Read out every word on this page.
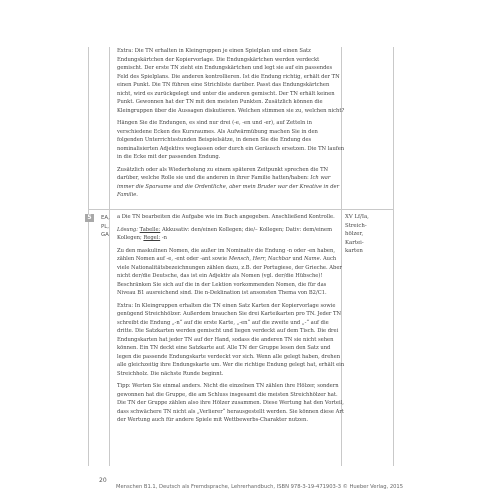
Extra: Die TN erhalten in Kleingruppen je einen Spielplan und einen Satz Endungskärtchen der Kopiervorlage. Die Endungskärtchen werden verdeckt gemischt. Der erste TN zieht ein Endungskärtchen und legt sie auf ein passendes Feld des Spielplans. Die anderen kontrollieren. Ist die Endung richtig, erhält der TN einen Punkt. Die TN führen eine Strichliste darüber. Passt das Endungskärtchen nicht, wird es zurückgelegt und unter die anderen gemischt. Der TN erhält keinen Punkt. Gewonnen hat der TN mit den meisten Punkten. Zusätzlich können die Kleingruppen über die Aussagen diskutieren. Welchen stimmen sie zu, welchen nicht?

Hängen Sie die Endungen, es sind nur drei (-e, -en und -er), auf Zetteln in verschiedene Ecken des Kursraumes. Als Aufwärmübung machen Sie in den folgenden Unterrichtsstunden Beispielsätze, in denen Sie die Endung des nominalisierten Adjektivs weglassen oder durch ein Geräusch ersetzen. Die TN laufen in die Ecke mit der passenden Endung.

Zusätzlich oder als Wiederholung zu einem späteren Zeitpunkt sprechen die TN darüber, welche Rolle sie und die anderen in ihrer Familie hatten/haben: Ich war immer die Sparsame und die Ordentliche, aber mein Bruder war der Kreative in der Familie.

5	EA,
PL,
GA

a Die TN bearbeiten die Aufgabe wie im Buch angegeben. Anschließend Kontrolle.

Lösung: Tabelle: Akkusativ: den/einen Kollegen; die/– Kollegen; Dativ: dem/einem Kollegen; Regel: -n

Zu den maskulinen Nomen, die außer im Nominativ die Endung -n oder -en haben, zählen Nomen auf -e, -ent oder -ant sowie Mensch, Herr, Nachbar und Name. Auch viele Nationalitätsbezeichnungen zählen dazu, z.B. der Portugiese, der Grieche. Aber nicht der/die Deutsche, das ist ein Adjektiv als Nomen (vgl. der/die Hübsche)! Beschränken Sie sich auf die in der Lektion vorkommenden Nomen, die für das Niveau B1 ausreichend sind. Die n-Deklination ist ansonsten Thema von B2/C1.

Extra: In Kleingruppen erhalten die TN einen Satz Karten der Kopiervorlage sowie genügend Streichhölzer. Außerdem brauchen Sie drei Karteikarten pro TN. Jeder TN schreibt die Endung „-n“ auf die erste Karte, „-en“ auf die zweite und „-“ auf die dritte. Die Satzkarten werden gemischt und liegen verdeckt auf dem Tisch. Die drei Endungskarten hat jeder TN auf der Hand, sodass die anderen TN sie nicht sehen können. Ein TN deckt eine Satzkarte auf. Alle TN der Gruppe lesen den Satz und legen die passende Endungskarte verdeckt vor sich. Wenn alle gelegt haben, drehen alle gleichzeitig ihre Endungskarte um. Wer die richtige Endung gelegt hat, erhält ein Streichholz. Die nächste Runde beginnt.

Tipp: Werten Sie einmal anders. Nicht die einzelnen TN zählen ihre Hölzer, sondern gewonnen hat die Gruppe, die am Schluss insgesamt die meisten Streichhölzer hat. Die TN der Gruppe zählen also ihre Hölzer zusammen. Diese Wertung hat den Vorteil, dass schwächere TN nicht als „Verlierer“ herausgestellt werden. Sie können diese Art der Wertung auch für andere Spiele mit Wettbewerbs-Charakter nutzen.

XV Lf/Ia,
Streich-
hölzer,
Kartei-
karten
20
Menschen B1.1, Deutsch als Fremdsprache, Lehrerhandbuch, ISBN 978-3-19-471903-3 © Hueber Verlag, 2015
